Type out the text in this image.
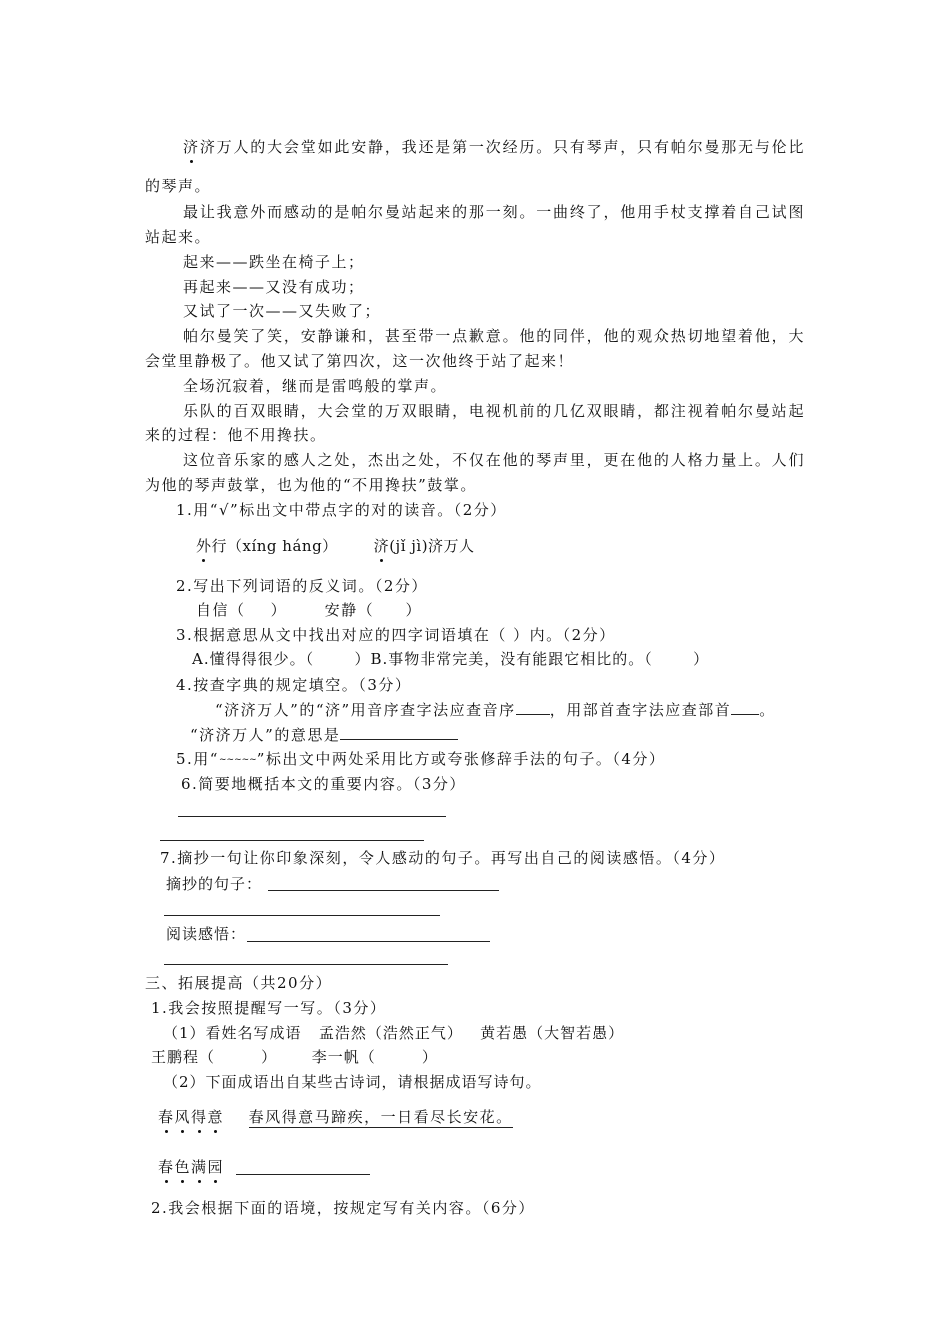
济济万人的大会堂如此安静，我还是第一次经历。只有琴声，只有帕尔曼那无与伦比

的琴声。

最让我意外而感动的是帕尔曼站起来的那一刻。一曲终了，他用手杖支撑着自己试图

站起来。

起来——跌坐在椅子上；

再起来——又没有成功；

又试了一次——又失败了；

帕尔曼笑了笑，安静谦和，甚至带一点歉意。他的同伴，他的观众热切地望着他，大

会堂里静极了。他又试了第四次，这一次他终于站了起来！

全场沉寂着，继而是雷鸣般的掌声。

乐队的百双眼睛，大会堂的万双眼睛，电视机前的几亿双眼睛，都注视着帕尔曼站起

来的过程：他不用搀扶。

这位音乐家的感人之处，杰出之处，不仅在他的琴声里，更在他的人格力量上。人们

为他的琴声鼓掌，也为他的“不用搀扶”鼓掌。

1.用“√”标出文中带点字的对的读音。（2分）

外行（xíng háng） 济(jǐ jì)济万人

2.写出下列词语的反义词。（2分）

自信（    ）      安静（     ）

3.根据意思从文中找出对应的四字词语填在（ ）内。（2分）

A.懂得得很少。（       ）B.事物非常完美，没有能跟它相比的。（       ）

4.按查字典的规定填空。（3分）

“济济万人”的“济”用音序查字法应查音序 ，用部首查字法应查部首 。

“济济万人”的意思是

5.用“~~~~~”标出文中两处采用比方或夸张修辞手法的句子。（4分）

6.简要地概括本文的重要内容。（3分）

7.摘抄一句让你印象深刻，令人感动的句子。再写出自己的阅读感悟。（4分）

摘抄的句子：

阅读感悟：

三、拓展提高（共20分）

1.我会按照提醒写一写。（3分）

（1）看姓名写成语   孟浩然（浩然正气）   黄若愚（大智若愚）

王鹏程（        ）      李一帆（        ）

（2）下面成语出自某些古诗词，请根据成语写诗句。

春风得意 春风得意马蹄疾，一日看尽长安花。

春色满园

2.我会根据下面的语境，按规定写有关内容。（6分）
